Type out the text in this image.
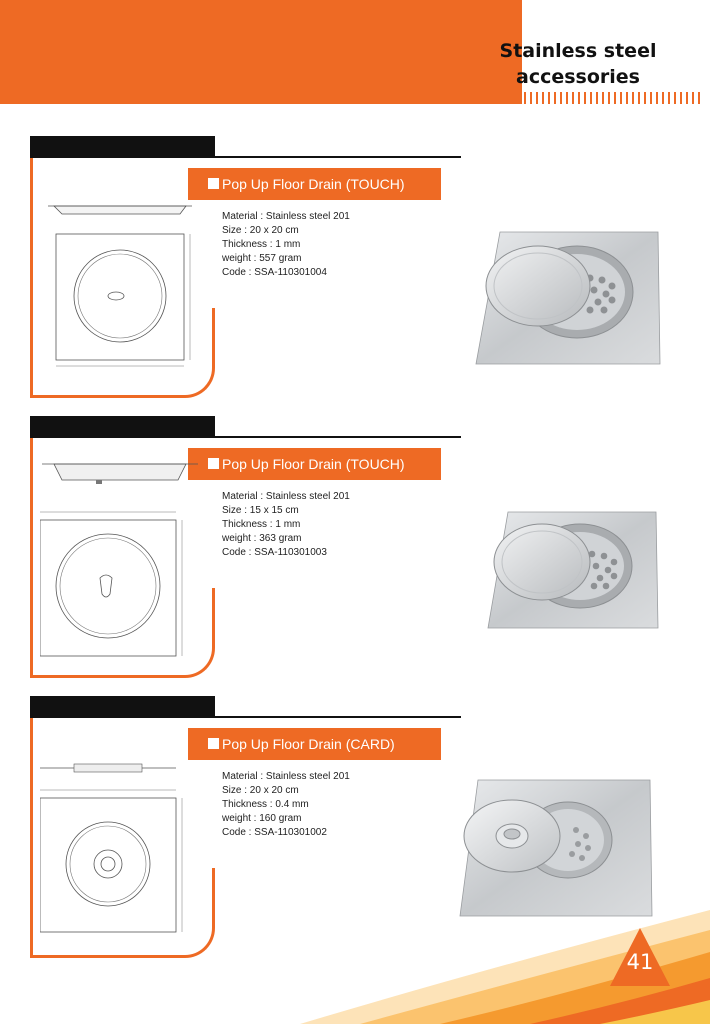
Stainless steel
accessories
Pop Up Floor Drain (TOUCH)
Material : Stainless steel 201
Size : 20 x 20 cm
Thickness : 1 mm
weight : 557 gram
Code : SSA-110301004
Pop Up Floor Drain (TOUCH)
Material : Stainless steel 201
Size : 15 x 15 cm
Thickness : 1 mm
weight : 363 gram
Code : SSA-110301003
Pop Up Floor Drain (CARD)
Material : Stainless steel 201
Size : 20 x 20 cm
Thickness : 0.4 mm
weight : 160 gram
Code : SSA-110301002
41
